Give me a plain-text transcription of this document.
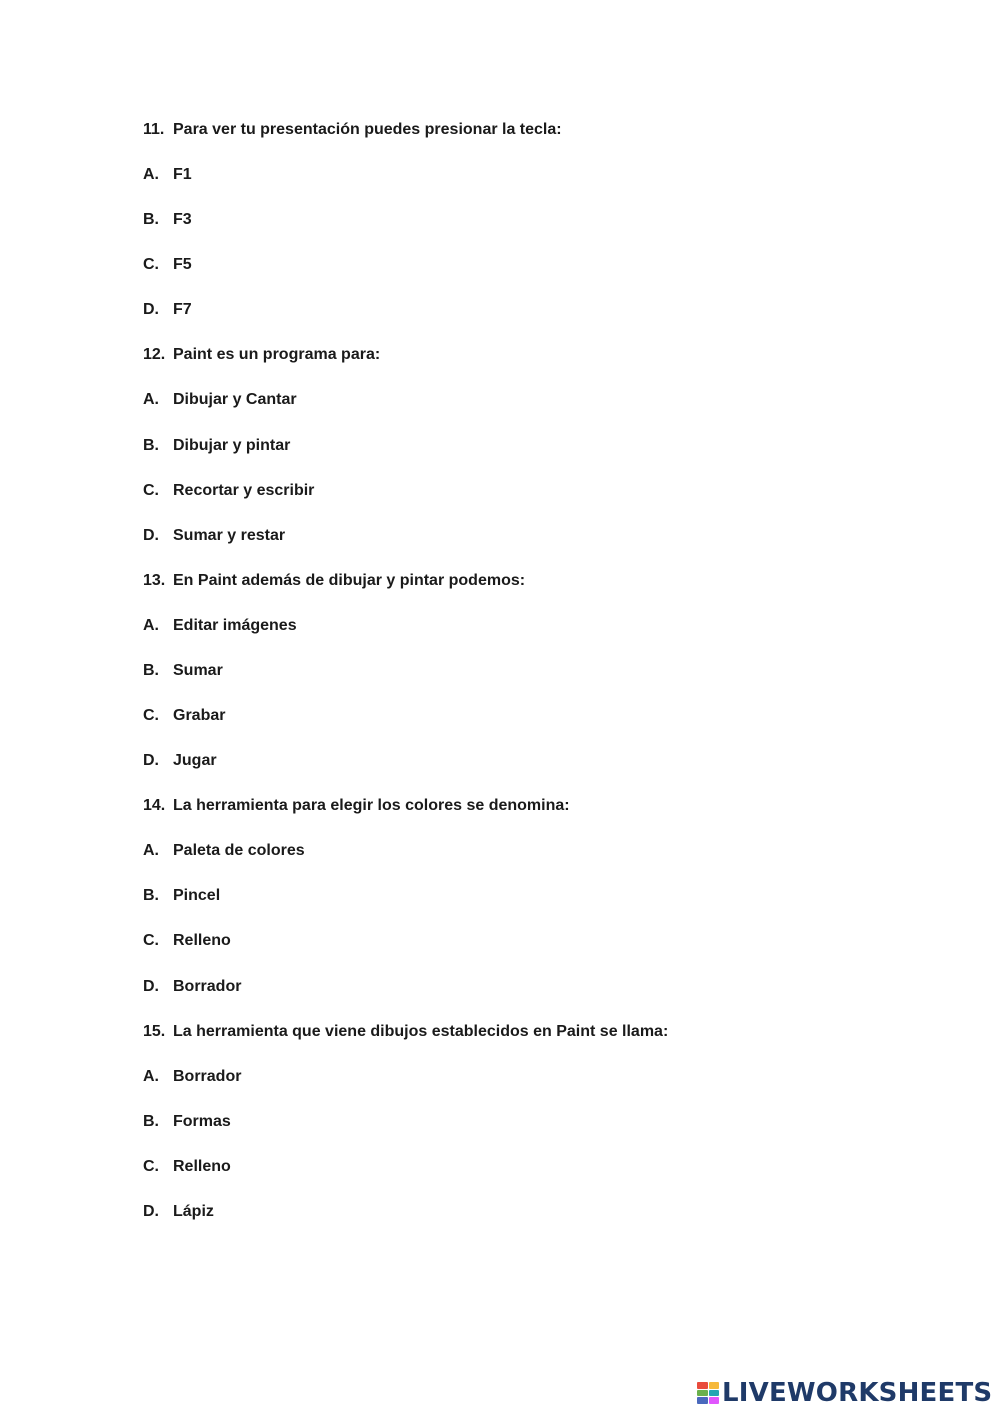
11. Para ver tu presentación puedes presionar la tecla:
A. F1
B. F3
C. F5
D. F7
12. Paint es un programa para:
A. Dibujar y Cantar
B. Dibujar y pintar
C. Recortar y escribir
D. Sumar y restar
13. En Paint además de dibujar y pintar podemos:
A. Editar imágenes
B. Sumar
C. Grabar
D. Jugar
14. La herramienta para elegir los colores se denomina:
A. Paleta de colores
B. Pincel
C. Relleno
D. Borrador
15. La herramienta que viene dibujos establecidos en Paint se llama:
A. Borrador
B. Formas
C. Relleno
D. Lápiz
LIVEWORKSHEETS
